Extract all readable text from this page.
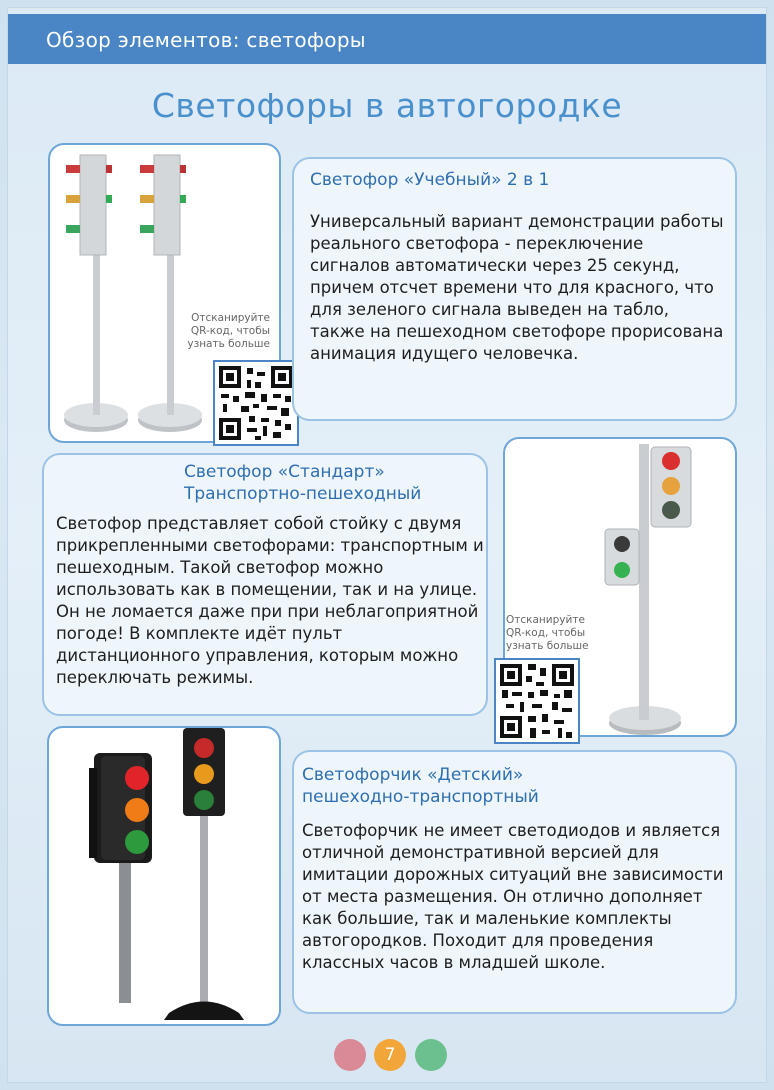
Обзор элементов: светофоры
Светофоры в автогородке
Отсканируйте
QR-код, чтобы
узнать больше
Светофор «Учебный» 2 в 1
Универсальный вариант демонстрации работы реального светофора - переключение сигналов автоматически через 25 секунд, причем отсчет времени что для красного, что для зеленого сигнала выведен на табло, также на пешеходном светофоре прорисована анимация идущего человечка.
Светофор «Стандарт»
Транспортно-пешеходный
Светофор представляет собой стойку с двумя прикрепленными светофорами: транспортным и пешеходным. Такой светофор можно использовать как в помещении, так и на улице. Он не ломается даже при при неблагоприятной погоде! В комплекте идёт пульт дистанционного управления, которым можно переключать режимы.
Отсканируйте
QR-код, чтобы
узнать больше
Светофорчик «Детский»
пешеходно-транспортный
Светофорчик не имеет светодиодов и является отличной демонстративной версией для имитации дорожных ситуаций вне зависимости от места размещения. Он отлично дополняет как большие, так и маленькие комплекты автогородков. Походит для проведения классных часов в младшей школе.
7
